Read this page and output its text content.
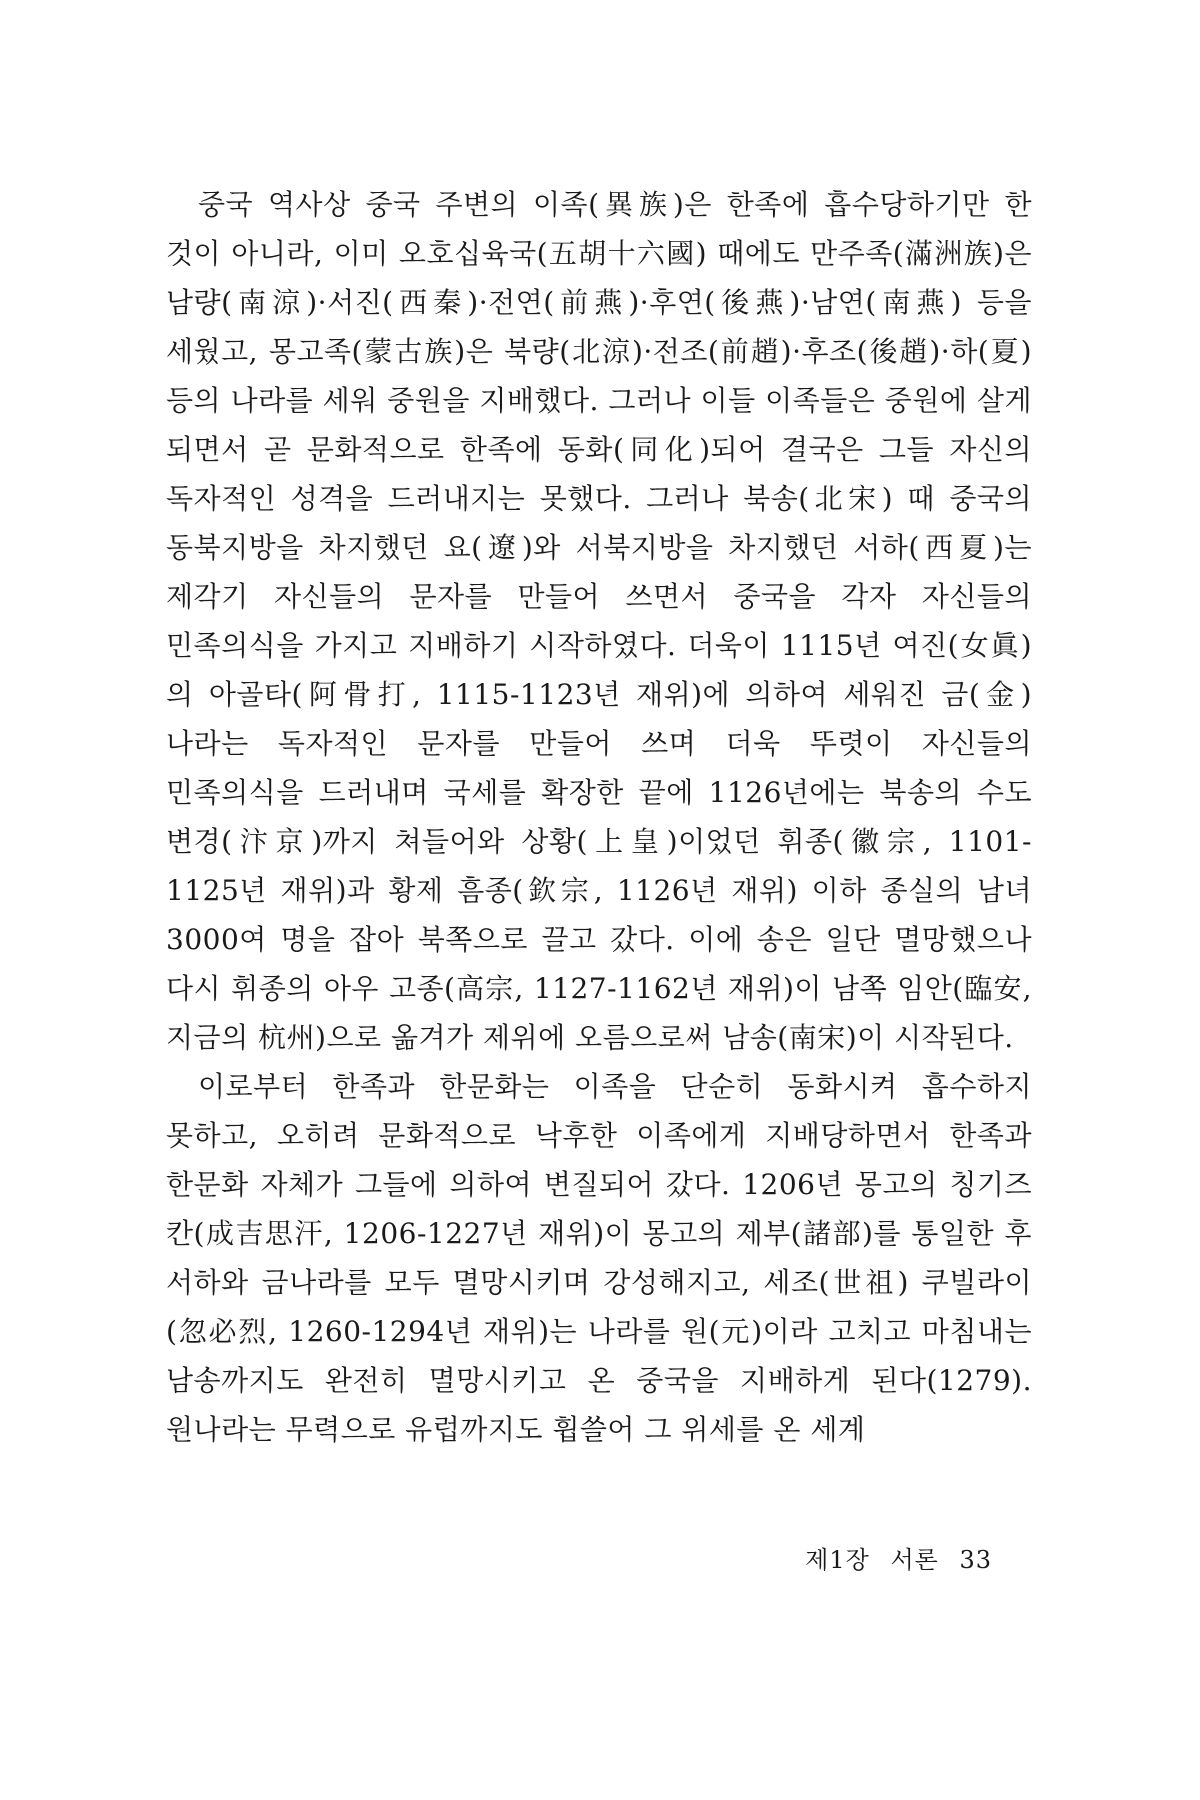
중국 역사상 중국 주변의 이족(異族)은 한족에 흡수당하기만 한 것이 아니라, 이미 오호십육국(五胡十六國) 때에도 만주족(滿洲族)은 남량(南涼)·서진(西秦)·전연(前燕)·후연(後燕)·남연(南燕) 등을 세웠고, 몽고족(蒙古族)은 북량(北涼)·전조(前趙)·후조(後趙)·하(夏) 등의 나라를 세워 중원을 지배했다. 그러나 이들 이족들은 중원에 살게 되면서 곧 문화적으로 한족에 동화(同化)되어 결국은 그들 자신의 독자적인 성격을 드러내지는 못했다. 그러나 북송(北宋) 때 중국의 동북지방을 차지했던 요(遼)와 서북지방을 차지했던 서하(西夏)는 제각기 자신들의 문자를 만들어 쓰면서 중국을 각자 자신들의 민족의식을 가지고 지배하기 시작하였다. 더욱이 1115년 여진(女眞)의 아골타(阿骨打, 1115-1123년 재위)에 의하여 세워진 금(金)나라는 독자적인 문자를 만들어 쓰며 더욱 뚜렷이 자신들의 민족의식을 드러내며 국세를 확장한 끝에 1126년에는 북송의 수도 변경(汴京)까지 쳐들어와 상황(上皇)이었던 휘종(徽宗, 1101-1125년 재위)과 황제 흠종(欽宗, 1126년 재위) 이하 종실의 남녀 3000여 명을 잡아 북쪽으로 끌고 갔다. 이에 송은 일단 멸망했으나 다시 휘종의 아우 고종(高宗, 1127-1162년 재위)이 남쪽 임안(臨安, 지금의 杭州)으로 옮겨가 제위에 오름으로써 남송(南宋)이 시작된다.

이로부터 한족과 한문화는 이족을 단순히 동화시켜 흡수하지 못하고, 오히려 문화적으로 낙후한 이족에게 지배당하면서 한족과 한문화 자체가 그들에 의하여 변질되어 갔다. 1206년 몽고의 칭기즈 칸(成吉思汗, 1206-1227년 재위)이 몽고의 제부(諸部)를 통일한 후 서하와 금나라를 모두 멸망시키며 강성해지고, 세조(世祖) 쿠빌라이(忽必烈, 1260-1294년 재위)는 나라를 원(元)이라 고치고 마침내는 남송까지도 완전히 멸망시키고 온 중국을 지배하게 된다(1279). 원나라는 무력으로 유럽까지도 휩쓸어 그 위세를 온 세계

제1장 서론 33
